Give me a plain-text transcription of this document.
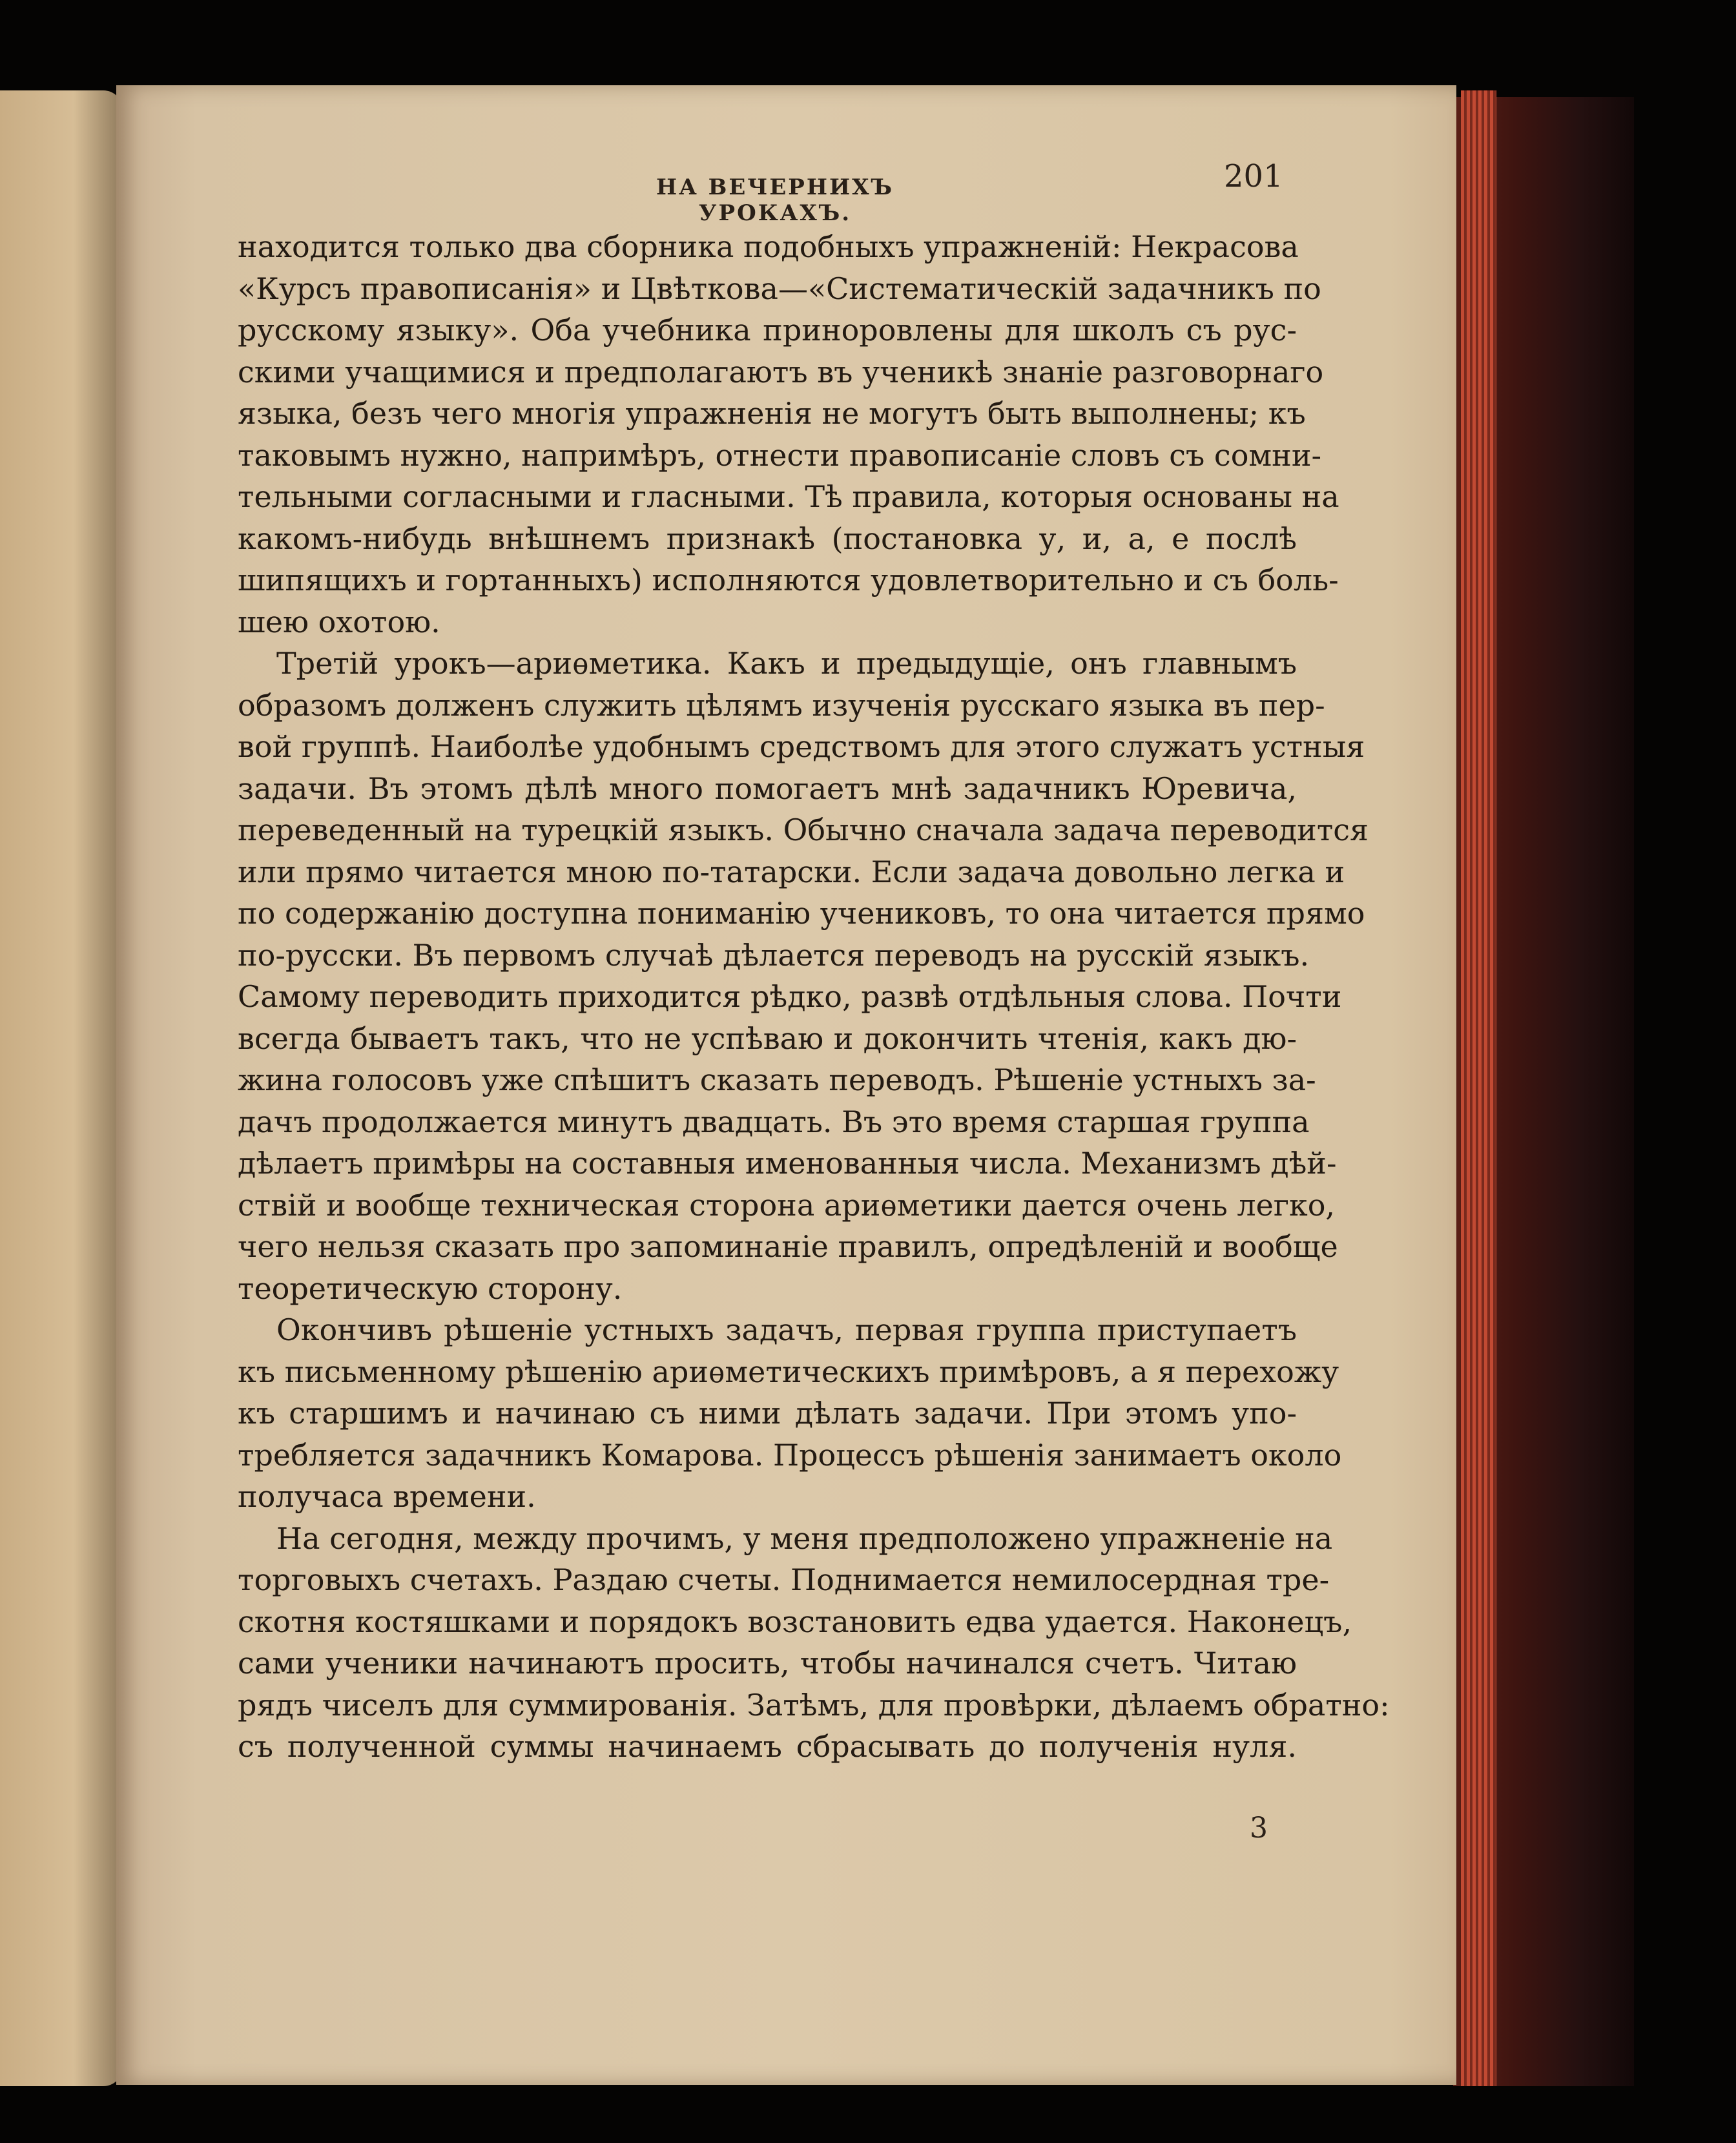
НА ВЕЧЕРНИХЪ УРОКАХЪ.
201
находится только два сборника подобныхъ упражненій: Некрасова
«Курсъ правописанія» и Цвѣткова—«Систематическій задачникъ по
русскому языку». Оба учебника приноровлены для школъ съ рус-
скими учащимися и предполагаютъ въ ученикѣ знаніе разговорнаго
языка, безъ чего многія упражненія не могутъ быть выполнены; къ
таковымъ нужно, напримѣръ, отнести правописаніе словъ съ сомни-
тельными согласными и гласными. Тѣ правила, которыя основаны на
какомъ-нибудь внѣшнемъ признакѣ (постановка у, и, а, е послѣ
шипящихъ и гортанныхъ) исполняются удовлетворительно и съ боль-
шею охотою.
Третій урокъ—ариѳметика. Какъ и предыдущіе, онъ главнымъ
образомъ долженъ служить цѣлямъ изученія русскаго языка въ пер-
вой группѣ. Наиболѣе удобнымъ средствомъ для этого служатъ устныя
задачи. Въ этомъ дѣлѣ много помогаетъ мнѣ задачникъ Юревича,
переведенный на турецкій языкъ. Обычно сначала задача переводится
или прямо читается мною по-татарски. Если задача довольно легка и
по содержанію доступна пониманію учениковъ, то она читается прямо
по-русски. Въ первомъ случаѣ дѣлается переводъ на русскій языкъ.
Самому переводить приходится рѣдко, развѣ отдѣльныя слова. Почти
всегда бываетъ такъ, что не успѣваю и докончить чтенія, какъ дю-
жина голосовъ уже спѣшитъ сказать переводъ. Рѣшеніе устныхъ за-
дачъ продолжается минутъ двадцать. Въ это время старшая группа
дѣлаетъ примѣры на составныя именованныя числа. Механизмъ дѣй-
ствій и вообще техническая сторона ариѳметики дается очень легко,
чего нельзя сказать про запоминаніе правилъ, опредѣленій и вообще
теоретическую сторону.
Окончивъ рѣшеніе устныхъ задачъ, первая группа приступаетъ
къ письменному рѣшенію ариѳметическихъ примѣровъ, а я перехожу
къ старшимъ и начинаю съ ними дѣлать задачи. При этомъ упо-
требляется задачникъ Комарова. Процессъ рѣшенія занимаетъ около
получаса времени.
На сегодня, между прочимъ, у меня предположено упражненіе на
торговыхъ счетахъ. Раздаю счеты. Поднимается немилосердная тре-
скотня костяшками и порядокъ возстановить едва удается. Наконецъ,
сами ученики начинаютъ просить, чтобы начинался счетъ. Читаю
рядъ чиселъ для суммированія. Затѣмъ, для провѣрки, дѣлаемъ обратно:
съ полученной суммы начинаемъ сбрасывать до полученія нуля.
3
